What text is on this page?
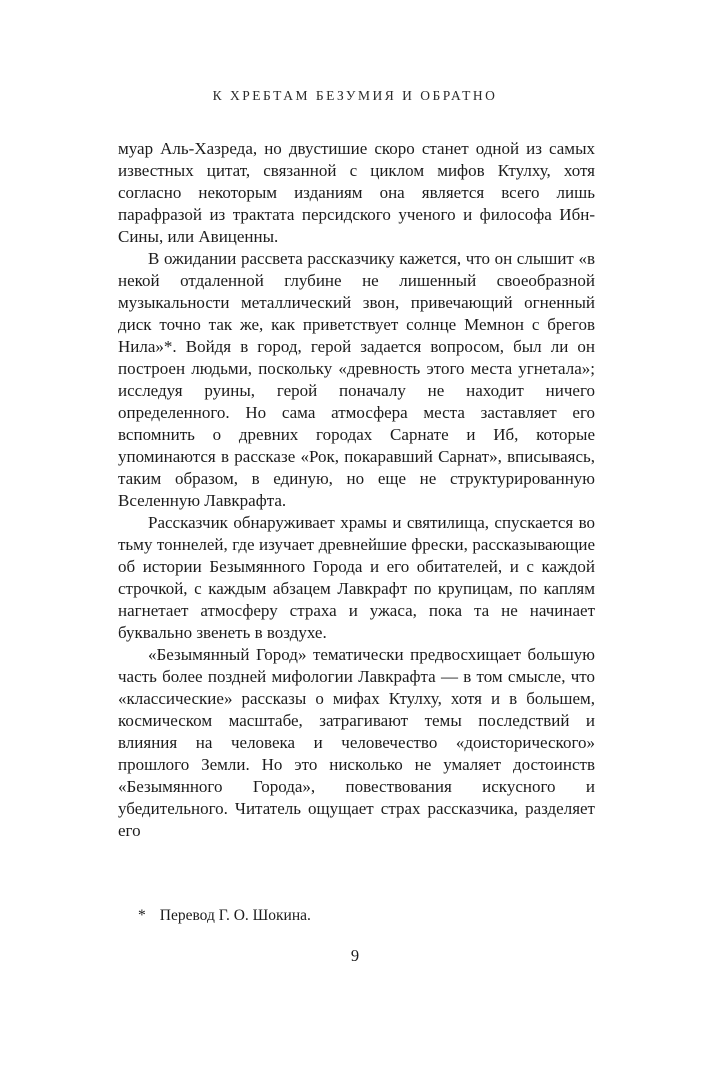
К ХРЕБТАМ БЕЗУМИЯ И ОБРАТНО

муар Аль-Хазреда, но двустишие скоро станет одной из самых известных цитат, связанной с циклом мифов Ктулху, хотя согласно некоторым изданиям она является всего лишь парафразой из трактата персидского ученого и философа Ибн-Сины, или Авиценны.

В ожидании рассвета рассказчику кажется, что он слышит «в некой отдаленной глубине не лишенный своеобразной музыкальности металлический звон, привечающий огненный диск точно так же, как приветствует солнце Мемнон с брегов Нила»*. Войдя в город, герой задается вопросом, был ли он построен людьми, поскольку «древность этого места угнетала»; исследуя руины, герой поначалу не находит ничего определенного. Но сама атмосфера места заставляет его вспомнить о древних городах Сарнате и Иб, которые упоминаются в рассказе «Рок, покаравший Сарнат», вписываясь, таким образом, в единую, но еще не структурированную Вселенную Лавкрафта.

Рассказчик обнаруживает храмы и святилища, спускается во тьму тоннелей, где изучает древнейшие фрески, рассказывающие об истории Безымянного Города и его обитателей, и с каждой строчкой, с каждым абзацем Лавкрафт по крупицам, по каплям нагнетает атмосферу страха и ужаса, пока та не начинает буквально звенеть в воздухе.

«Безымянный Город» тематически предвосхищает большую часть более поздней мифологии Лавкрафта — в том смысле, что «классические» рассказы о мифах Ктулху, хотя и в большем, космическом масштабе, затрагивают темы последствий и влияния на человека и человечество «доисторического» прошлого Земли. Но это нисколько не умаляет достоинств «Безымянного Города», повествования искусного и убедительного. Читатель ощущает страх рассказчика, разделяет его

* Перевод Г. О. Шокина.
9
